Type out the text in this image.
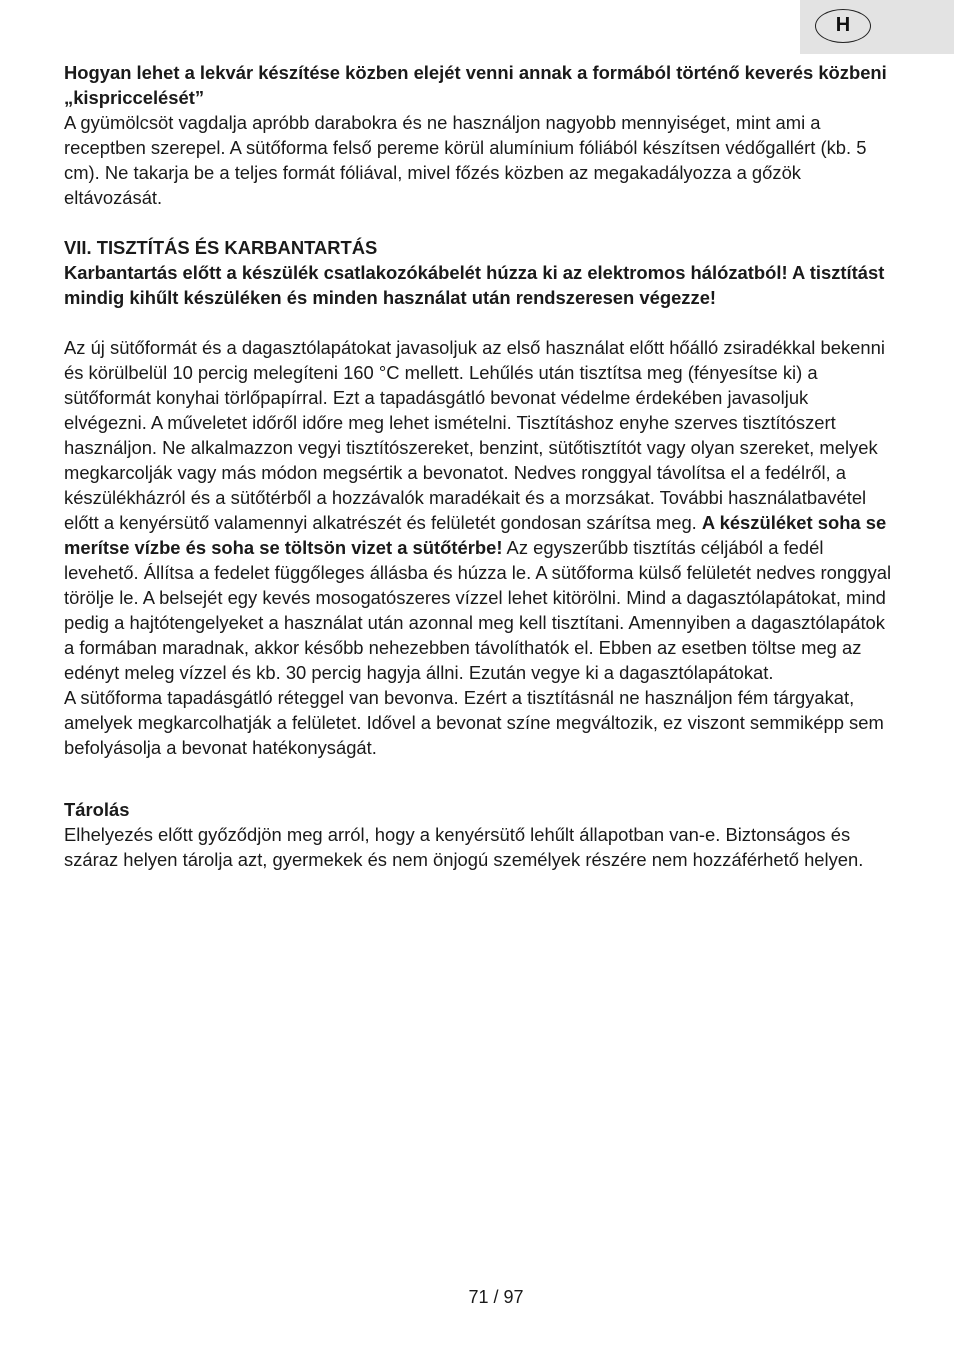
H

Hogyan lehet a lekvár készítése közben elejét venni annak a formából történő keverés közbeni „kispriccelését”

A gyümölcsöt vagdalja apróbb darabokra és ne használjon nagyobb mennyiséget, mint ami a receptben szerepel. A sütőforma felső pereme körül alumínium fóliából készítsen védőgallért (kb. 5 cm). Ne takarja be a teljes formát fóliával, mivel főzés közben az megakadályozza a gőzök eltávozását.

VII. TISZTÍTÁS ÉS KARBANTARTÁS

Karbantartás előtt a készülék csatlakozókábelét húzza ki az elektromos hálózatból! A tisztítást mindig kihűlt készüléken és minden használat után rendszeresen végezze!

Az új sütőformát és a dagasztólapátokat javasoljuk az első használat előtt hőálló zsiradékkal bekenni és körülbelül 10 percig melegíteni 160 °C mellett. Lehűlés után tisztítsa meg (fényesítse ki) a sütőformát konyhai törlőpapírral. Ezt a tapadásgátló bevonat védelme érdekében javasoljuk elvégezni. A műveletet időről időre meg lehet ismételni. Tisztításhoz enyhe szerves tisztítószert használjon. Ne alkalmazzon vegyi tisztítószereket, benzint, sütőtisztítót vagy olyan szereket, melyek megkarcolják vagy más módon megsértik a bevonatot. Nedves ronggyal távolítsa el a fedélről, a készülékházról és a sütőtérből a hozzávalók maradékait és a morzsákat. További használatbavétel előtt a kenyérsütő valamennyi alkatrészét és felületét gondosan szárítsa meg. A készüléket soha se merítse vízbe és soha se töltsön vizet a sütőtérbe! Az egyszerűbb tisztítás céljából a fedél levehető. Állítsa a fedelet függőleges állásba és húzza le. A sütőforma külső felületét nedves ronggyal törölje le. A belsejét egy kevés mosogatószeres vízzel lehet kitörölni. Mind a dagasztólapátokat, mind pedig a hajtótengelyeket a használat után azonnal meg kell tisztítani. Amennyiben a dagasztólapátok a formában maradnak, akkor később nehezebben távolíthatók el. Ebben az esetben töltse meg az edényt meleg vízzel és kb. 30 percig hagyja állni. Ezután vegye ki a dagasztólapátokat.

A sütőforma tapadásgátló réteggel van bevonva. Ezért a tisztításnál ne használjon fém tárgyakat, amelyek megkarcolhatják a felületet. Idővel a bevonat színe megváltozik, ez viszont semmiképp sem befolyásolja a bevonat hatékonyságát.

Tárolás

Elhelyezés előtt győződjön meg arról, hogy a kenyérsütő lehűlt állapotban van-e. Biztonságos és száraz helyen tárolja azt, gyermekek és nem önjogú személyek részére nem hozzáférhető helyen.

71 / 97
